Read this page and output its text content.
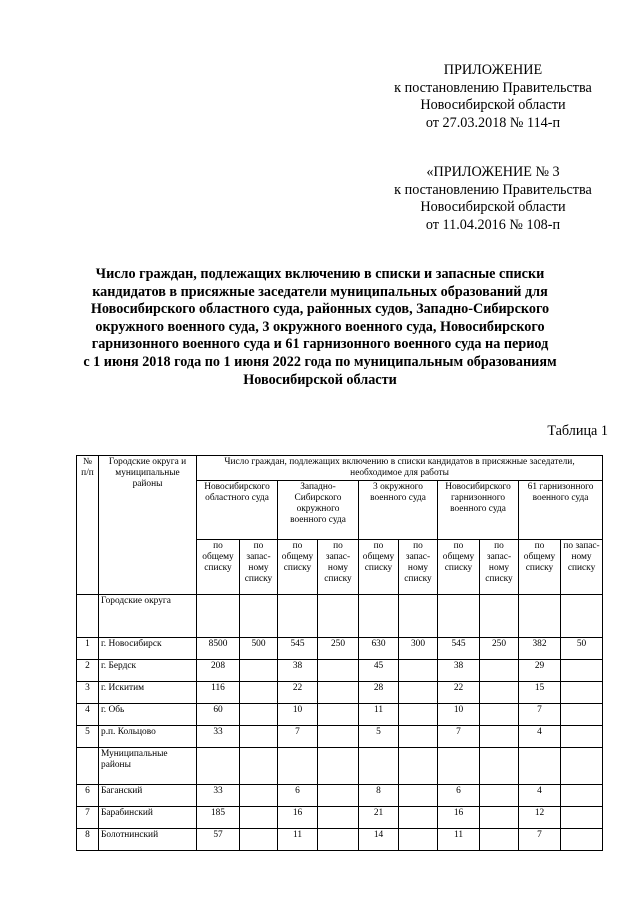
ПРИЛОЖЕНИЕ
к постановлению Правительства
Новосибирской области
от 27.03.2018 № 114-п
«ПРИЛОЖЕНИЕ № 3
к постановлению Правительства
Новосибирской области
от 11.04.2016 № 108-п
Число граждан, подлежащих включению в списки и запасные списки
кандидатов в присяжные заседатели муниципальных образований для
Новосибирского областного суда, районных судов, Западно-Сибирского
окружного военного суда, 3 окружного военного суда, Новосибирского
гарнизонного военного суда и 61 гарнизонного военного суда на период
с 1 июня 2018 года по 1 июня 2022 года по муниципальным образованиям
Новосибирской области
Таблица 1
№ п/п	Городские округа и муниципальные районы	Число граждан, подлежащих включению в списки кандидатов в присяжные заседатели, необходимое для работы									
		Новосибирского областного суда		Западно-Сибирского окружного военного суда		3 окружного военного суда		Новосибирского гарнизонного военного суда		61 гарнизонного военного суда	
		по общему списку	по запас-ному списку	по общему списку	по запас-ному списку	по общему списку	по запас-ному списку	по общему списку	по запас-ному списку	по общему списку	по запас-ному списку
	Городские округа										
1	г. Новосибирск	8500	500	545	250	630	300	545	250	382	50
2	г. Бердск	208		38		45		38		29	
3	г. Искитим	116		22		28		22		15	
4	г. Обь	60		10		11		10		7	
5	р.п. Кольцово	33		7		5		7		4	
	Муниципальные районы										
6	Баганский	33		6		8		6		4	
7	Барабинский	185		16		21		16		12	
8	Болотнинский	57		11		14		11		7	
